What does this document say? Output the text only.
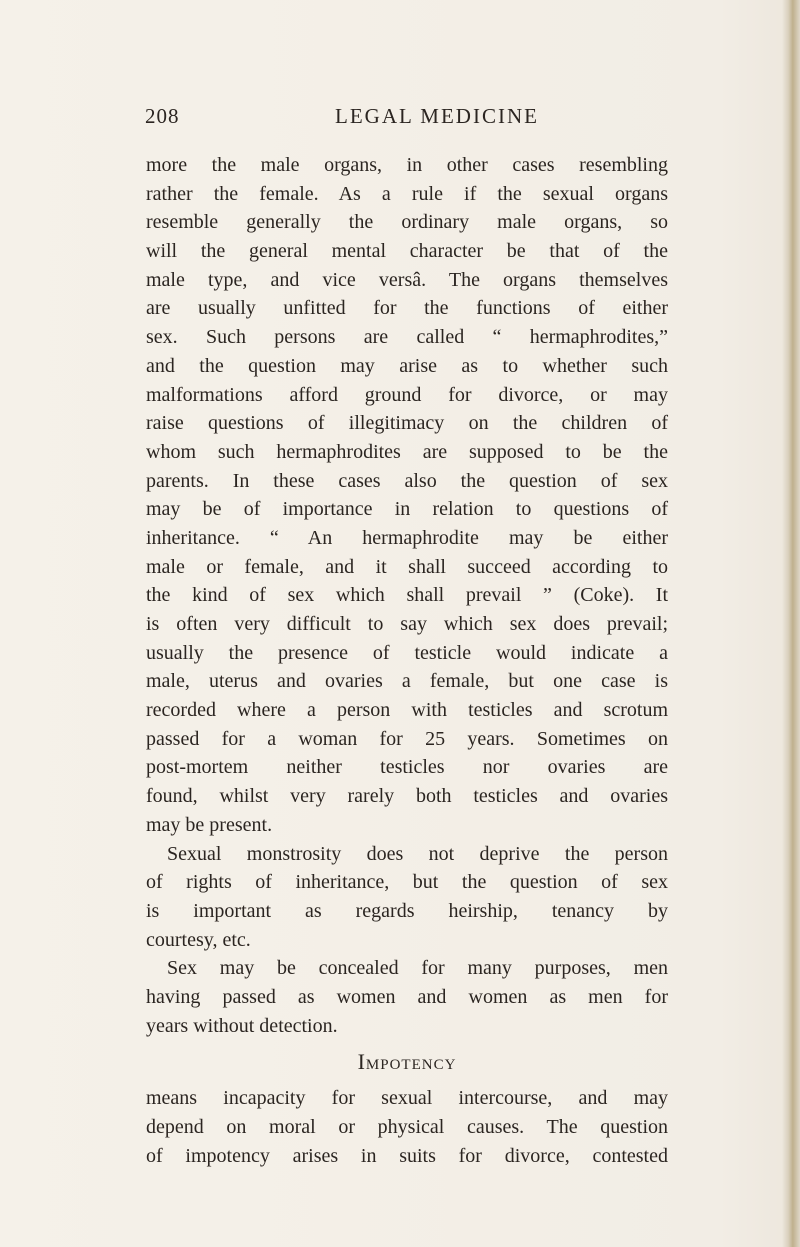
208	LEGAL MEDICINE
more the male organs, in other cases resembling
rather the female. As a rule if the sexual organs
resemble generally the ordinary male organs, so
will the general mental character be that of the
male type, and vice versâ. The organs themselves
are usually unfitted for the functions of either
sex. Such persons are called “ hermaphrodites,”
and the question may arise as to whether such
malformations afford ground for divorce, or may
raise questions of illegitimacy on the children of
whom such hermaphrodites are supposed to be the
parents. In these cases also the question of sex
may be of importance in relation to questions of
inheritance. “ An hermaphrodite may be either
male or female, and it shall succeed according to
the kind of sex which shall prevail ” (Coke). It
is often very difficult to say which sex does prevail;
usually the presence of testicle would indicate a
male, uterus and ovaries a female, but one case is
recorded where a person with testicles and scrotum
passed for a woman for 25 years. Sometimes on
post-mortem neither testicles nor ovaries are
found, whilst very rarely both testicles and ovaries
may be present.
Sexual monstrosity does not deprive the person
of rights of inheritance, but the question of sex
is important as regards heirship, tenancy by
courtesy, etc.
Sex may be concealed for many purposes, men
having passed as women and women as men for
years without detection.
Impotency
means incapacity for sexual intercourse, and may
depend on moral or physical causes. The question
of impotency arises in suits for divorce, contested
